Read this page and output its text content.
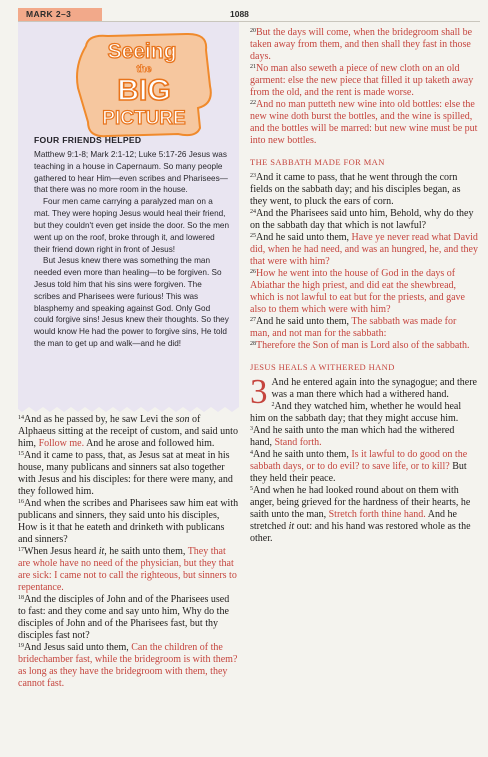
MARK 2–3	1088
Seeing
the
BIG
PICTURE
FOUR FRIENDS HELPED

Matthew 9:1-8; Mark 2:1-12; Luke 5:17-26 Jesus was teaching in a house in Capernaum. So many people gathered to hear Him—even scribes and Pharisees—that there was no more room in the house.

Four men came carrying a paralyzed man on a mat. They were hoping Jesus would heal their friend, but they couldn't even get inside the door. So the men went up on the roof, broke through it, and lowered their friend down right in front of Jesus!

But Jesus knew there was something the man needed even more than healing—to be forgiven. So Jesus told him that his sins were forgiven. The scribes and Pharisees were furious! This was blasphemy and speaking against God. Only God could forgive sins! Jesus knew their thoughts. So they would know He had the power to forgive sins, He told the man to get up and walk—and he did!

$^{14}$And as he passed by, he saw Levi the son of Alphaeus sitting at the receipt of custom, and said unto him, Follow me. And he arose and followed him.

$^{15}$And it came to pass, that, as Jesus sat at meat in his house, many publicans and sinners sat also together with Jesus and his disciples: for there were many, and they followed him.

$^{16}$And when the scribes and Pharisees saw him eat with publicans and sinners, they said unto his disciples, How is it that he eateth and drinketh with publicans and sinners?

$^{17}$When Jesus heard it, he saith unto them, They that are whole have no need of the physician, but they that are sick: I came not to call the righteous, but sinners to repentance.

$^{18}$And the disciples of John and of the Pharisees used to fast: and they come and say unto him, Why do the disciples of John and of the Pharisees fast, but thy disciples fast not?

$^{19}$And Jesus said unto them, Can the children of the bridechamber fast, while the bridegroom is with them? as long as they have the bridegroom with them, they cannot fast.

$^{20}$But the days will come, when the bridegroom shall be taken away from them, and then shall they fast in those days.

$^{21}$No man also seweth a piece of new cloth on an old garment: else the new piece that filled it up taketh away from the old, and the rent is made worse.

$^{22}$And no man putteth new wine into old bottles: else the new wine doth burst the bottles, and the wine is spilled, and the bottles will be marred: but new wine must be put into new bottles.

THE SABBATH MADE FOR MAN

$^{23}$And it came to pass, that he went through the corn fields on the sabbath day; and his disciples began, as they went, to pluck the ears of corn.

$^{24}$And the Pharisees said unto him, Behold, why do they on the sabbath day that which is not lawful?

$^{25}$And he said unto them, Have ye never read what David did, when he had need, and was an hungred, he, and they that were with him?

$^{26}$How he went into the house of God in the days of Abiathar the high priest, and did eat the shewbread, which is not lawful to eat but for the priests, and gave also to them which were with him?

$^{27}$And he said unto them, The sabbath was made for man, and not man for the sabbath:

$^{28}$Therefore the Son of man is Lord also of the sabbath.

JESUS HEALS A WITHERED HAND

3 And he entered again into the synagogue; and there was a man there which had a withered hand.

$^2$And they watched him, whether he would heal him on the sabbath day; that they might accuse him.

$^3$And he saith unto the man which had the withered hand, Stand forth.

$^4$And he saith unto them, Is it lawful to do good on the sabbath days, or to do evil? to save life, or to kill? But they held their peace.

$^5$And when he had looked round about on them with anger, being grieved for the hardness of their hearts, he saith unto the man, Stretch forth thine hand. And he stretched it out: and his hand was restored whole as the other.
